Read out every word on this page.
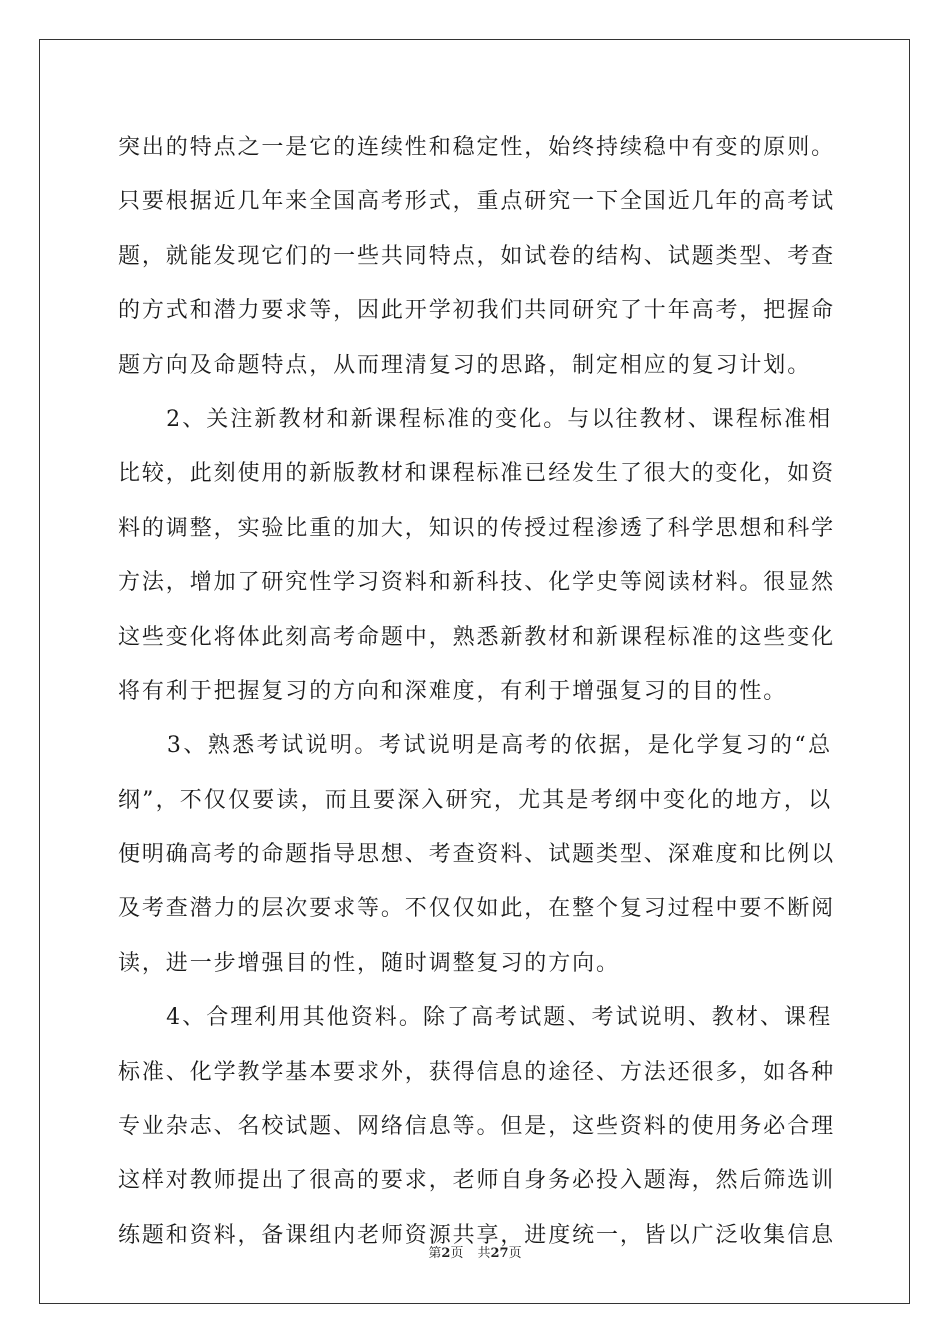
突出的特点之一是它的连续性和稳定性，始终持续稳中有变的原则。
只要根据近几年来全国高考形式，重点研究一下全国近几年的高考试
题，就能发现它们的一些共同特点，如试卷的结构、试题类型、考查
的方式和潜力要求等，因此开学初我们共同研究了十年高考，把握命
题方向及命题特点，从而理清复习的思路，制定相应的复习计划。
　　2、关注新教材和新课程标准的变化。与以往教材、课程标准相
比较，此刻使用的新版教材和课程标准已经发生了很大的变化，如资
料的调整，实验比重的加大，知识的传授过程渗透了科学思想和科学
方法，增加了研究性学习资料和新科技、化学史等阅读材料。很显然
这些变化将体此刻高考命题中，熟悉新教材和新课程标准的这些变化
将有利于把握复习的方向和深难度，有利于增强复习的目的性。
　　3、熟悉考试说明。考试说明是高考的依据，是化学复习的“总
纲”，不仅仅要读，而且要深入研究，尤其是考纲中变化的地方，以
便明确高考的命题指导思想、考查资料、试题类型、深难度和比例以
及考查潜力的层次要求等。不仅仅如此，在整个复习过程中要不断阅
读，进一步增强目的性，随时调整复习的方向。
　　4、合理利用其他资料。除了高考试题、考试说明、教材、课程
标准、化学教学基本要求外，获得信息的途径、方法还很多，如各种
专业杂志、名校试题、网络信息等。但是，这些资料的使用务必合理
这样对教师提出了很高的要求，老师自身务必投入题海，然后筛选训
练题和资料，备课组内老师资源共享，进度统一，皆以广泛收集信息
第2页 共27页
